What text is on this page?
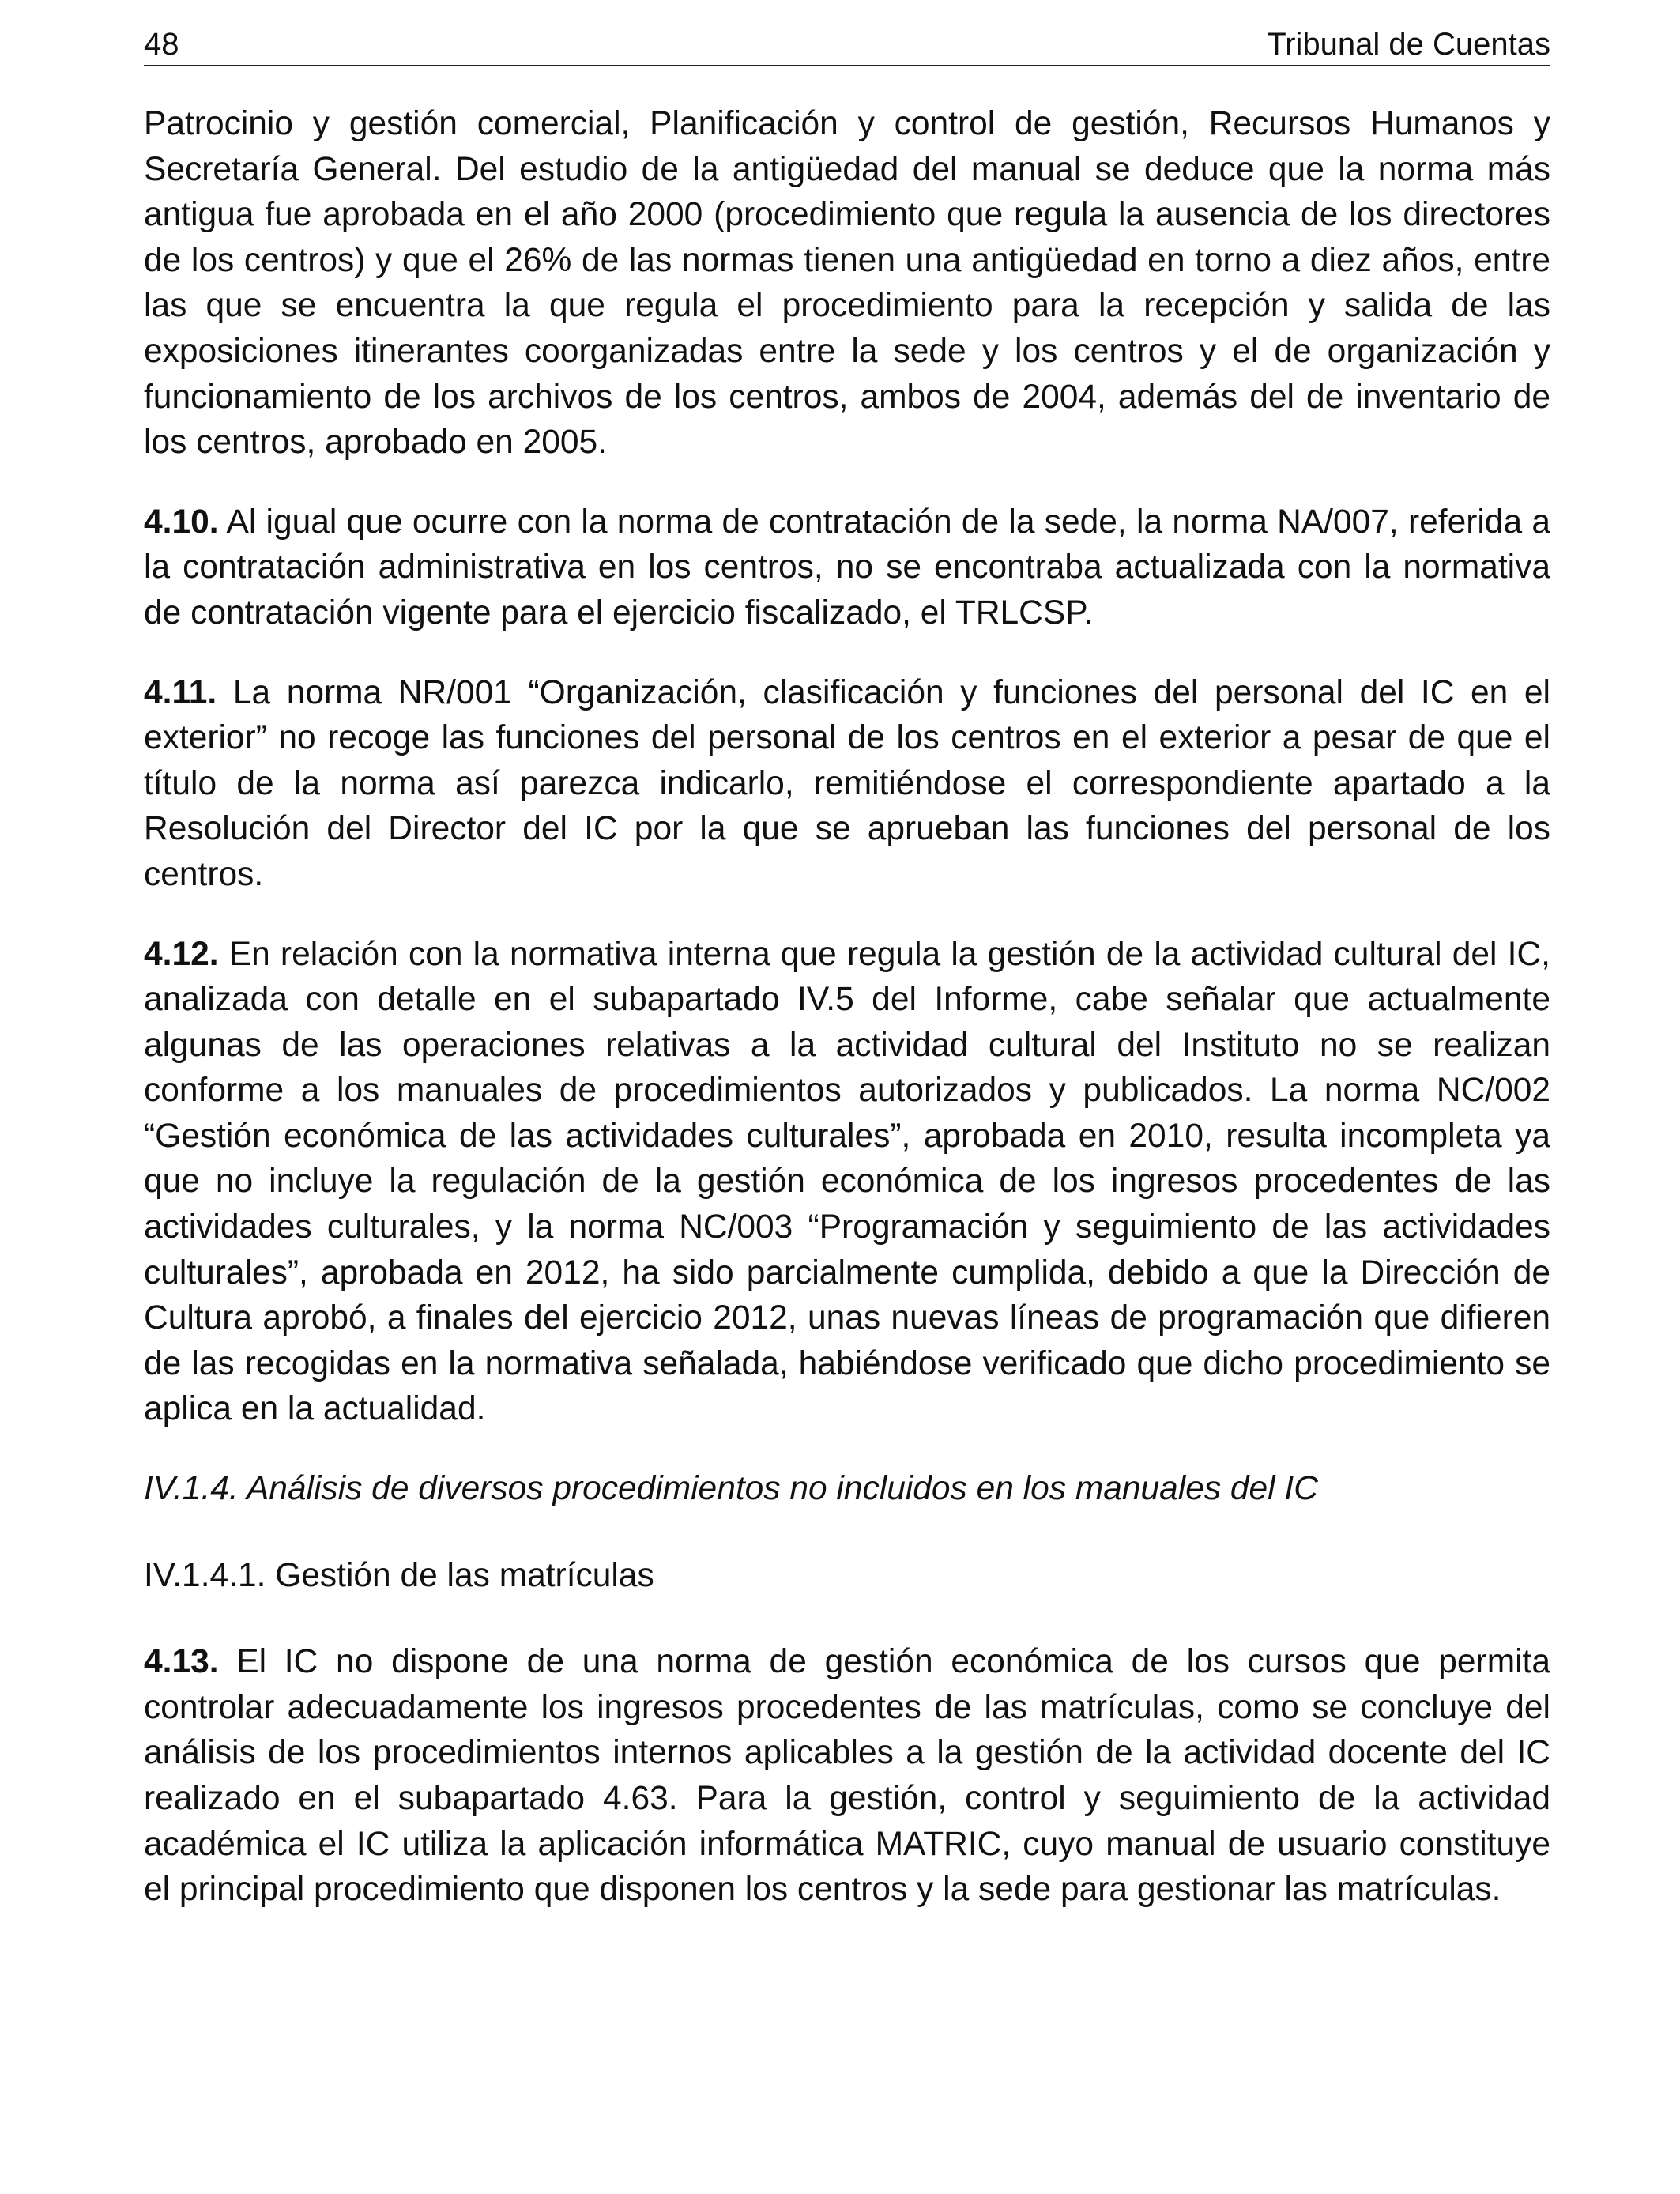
48	Tribunal de Cuentas

Patrocinio y gestión comercial, Planificación y control de gestión, Recursos Humanos y Secretaría General. Del estudio de la antigüedad del manual se deduce que la norma más antigua fue aprobada en el año 2000 (procedimiento que regula la ausencia de los directores de los centros) y que el 26% de las normas tienen una antigüedad en torno a diez años, entre las que se encuentra la que regula el procedimiento para la recepción y salida de las exposiciones itinerantes coorganizadas entre la sede y los centros y el de organización y funcionamiento de los archivos de los centros, ambos de 2004, además del de inventario de los centros, aprobado en 2005.

4.10. Al igual que ocurre con la norma de contratación de la sede, la norma NA/007, referida a la contratación administrativa en los centros, no se encontraba actualizada con la normativa de contratación vigente para el ejercicio fiscalizado, el TRLCSP.

4.11. La norma NR/001 “Organización, clasificación y funciones del personal del IC en el exterior” no recoge las funciones del personal de los centros en el exterior a pesar de que el título de la norma así parezca indicarlo, remitiéndose el correspondiente apartado a la Resolución del Director del IC por la que se aprueban las funciones del personal de los centros.

4.12. En relación con la normativa interna que regula la gestión de la actividad cultural del IC, analizada con detalle en el subapartado IV.5 del Informe, cabe señalar que actualmente algunas de las operaciones relativas a la actividad cultural del Instituto no se realizan conforme a los manuales de procedimientos autorizados y publicados. La norma NC/002 “Gestión económica de las actividades culturales”, aprobada en 2010, resulta incompleta ya que no incluye la regulación de la gestión económica de los ingresos procedentes de las actividades culturales, y la norma NC/003 “Programación y seguimiento de las actividades culturales”, aprobada en 2012, ha sido parcialmente cumplida, debido a que la Dirección de Cultura aprobó, a finales del ejercicio 2012, unas nuevas líneas de programación que difieren de las recogidas en la normativa señalada, habiéndose verificado que dicho procedimiento se aplica en la actualidad.

IV.1.4. Análisis de diversos procedimientos no incluidos en los manuales del IC

IV.1.4.1. Gestión de las matrículas

4.13. El IC no dispone de una norma de gestión económica de los cursos que permita controlar adecuadamente los ingresos procedentes de las matrículas, como se concluye del análisis de los procedimientos internos aplicables a la gestión de la actividad docente del IC realizado en el subapartado 4.63. Para la gestión, control y seguimiento de la actividad académica el IC utiliza la aplicación informática MATRIC, cuyo manual de usuario constituye el principal procedimiento que disponen los centros y la sede para gestionar las matrículas.
